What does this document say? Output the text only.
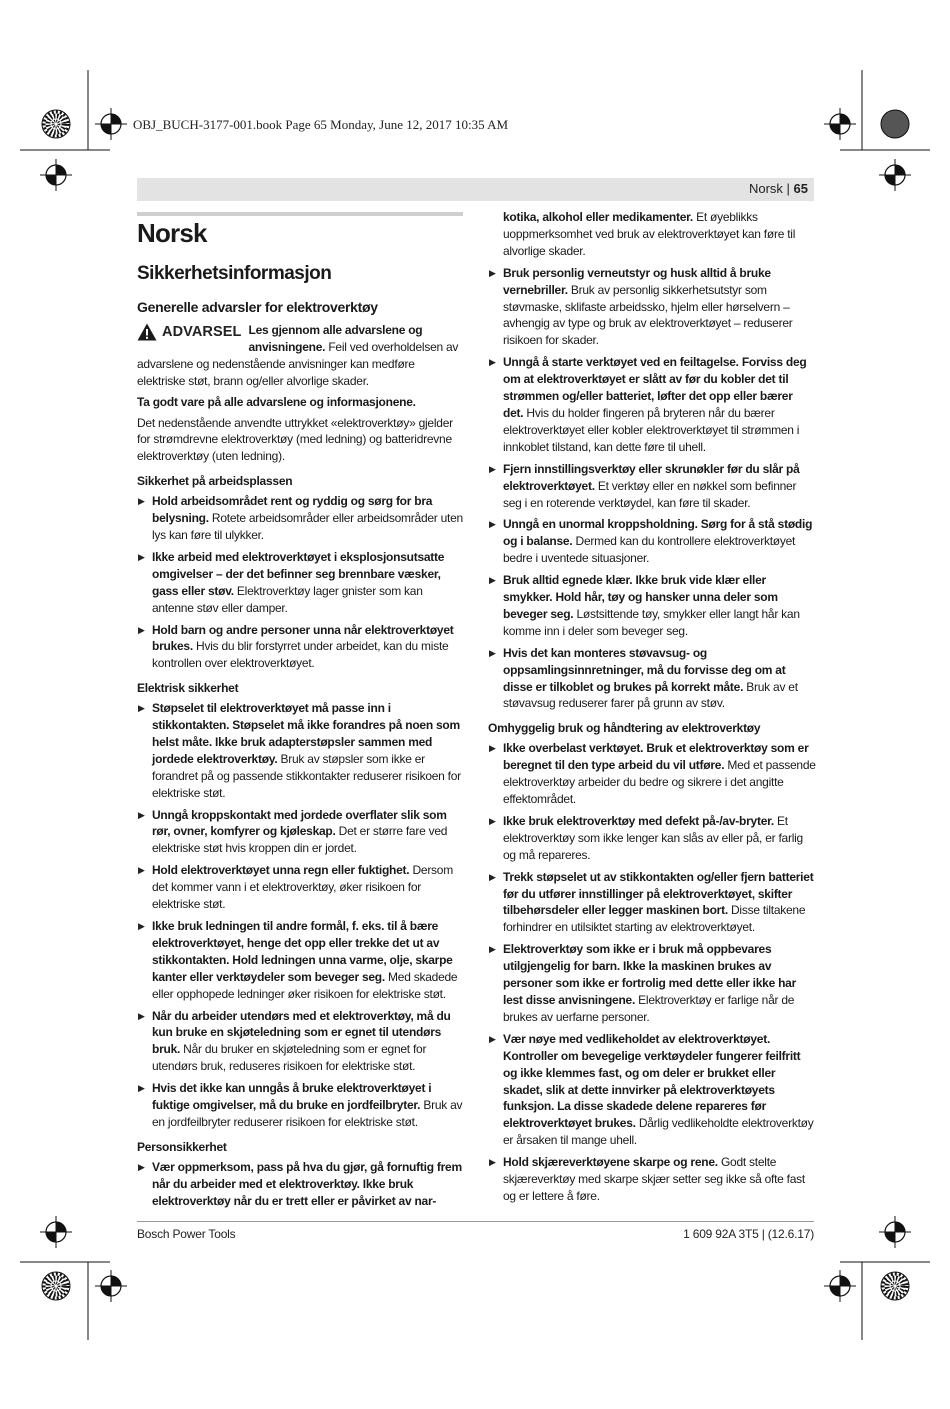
OBJ_BUCH-3177-001.book Page 65 Monday, June 12, 2017 10:35 AM
Norsk | 65
Norsk
Sikkerhetsinformasjon
Generelle advarsler for elektroverktøy
ADVARSEL Les gjennom alle advarslene og anvisningene. Feil ved overholdelsen av advarslene og nedenstående anvisninger kan medføre elektriske støt, brann og/eller alvorlige skader.

Ta godt vare på alle advarslene og informasjonene.

Det nedenstående anvendte uttrykket «elektroverktøy» gjelder for strømdrevne elektroverktøy (med ledning) og batteridrevne elektroverktøy (uten ledning).

Sikkerhet på arbeidsplassen
▶ Hold arbeidsområdet rent og ryddig og sørg for bra belysning. Rotete arbeidsområder eller arbeidsområder uten lys kan føre til ulykker.
▶ Ikke arbeid med elektroverktøyet i eksplosjonsutsatte omgivelser – der det befinner seg brennbare væsker, gass eller støv. Elektroverktøy lager gnister som kan antenne støv eller damper.
▶ Hold barn og andre personer unna når elektroverktøyet brukes. Hvis du blir forstyrret under arbeidet, kan du miste kontrollen over elektroverktøyet.
Elektrisk sikkerhet
▶ Støpselet til elektroverktøyet må passe inn i stikkontakten. Støpselet må ikke forandres på noen som helst måte. Ikke bruk adapterstøpsler sammen med jordede elektroverktøy. Bruk av støpsler som ikke er forandret på og passende stikkontakter reduserer risikoen for elektriske støt.
▶ Unngå kroppskontakt med jordede overflater slik som rør, ovner, komfyrer og kjøleskap. Det er større fare ved elektriske støt hvis kroppen din er jordet.
▶ Hold elektroverktøyet unna regn eller fuktighet. Dersom det kommer vann i et elektroverktøy, øker risikoen for elektriske støt.
▶ Ikke bruk ledningen til andre formål, f. eks. til å bære elektroverktøyet, henge det opp eller trekke det ut av stikkontakten. Hold ledningen unna varme, olje, skarpe kanter eller verktøydeler som beveger seg. Med skadede eller opphopede ledninger øker risikoen for elektriske støt.
▶ Når du arbeider utendørs med et elektroverktøy, må du kun bruke en skjøteledning som er egnet til utendørs bruk. Når du bruker en skjøteledning som er egnet for utendørs bruk, reduseres risikoen for elektriske støt.
▶ Hvis det ikke kan unngås å bruke elektroverktøyet i fuktige omgivelser, må du bruke en jordfeilbryter. Bruk av en jordfeilbryter reduserer risikoen for elektriske støt.
Personsikkerhet
▶ Vær oppmerksom, pass på hva du gjør, gå fornuftig frem når du arbeider med et elektroverktøy. Ikke bruk elektroverktøy når du er trett eller er påvirket av nar-
kotika, alkohol eller medikamenter. Et øyeblikks uoppmerksomhet ved bruk av elektroverktøyet kan føre til alvorlige skader.
▶ Bruk personlig verneutstyr og husk alltid å bruke vernebriller. Bruk av personlig sikkerhetsutstyr som støvmaske, sklifaste arbeidssko, hjelm eller hørselvern – avhengig av type og bruk av elektroverktøyet – reduserer risikoen for skader.
▶ Unngå å starte verktøyet ved en feiltagelse. Forviss deg om at elektroverktøyet er slått av før du kobler det til strømmen og/eller batteriet, løfter det opp eller bærer det. Hvis du holder fingeren på bryteren når du bærer elektroverktøyet eller kobler elektroverktøyet til strømmen i innkoblet tilstand, kan dette føre til uhell.
▶ Fjern innstillingsverktøy eller skrunøkler før du slår på elektroverktøyet. Et verktøy eller en nøkkel som befinner seg i en roterende verktøydel, kan føre til skader.
▶ Unngå en unormal kroppsholdning. Sørg for å stå stødig og i balanse. Dermed kan du kontrollere elektroverktøyet bedre i uventede situasjoner.
▶ Bruk alltid egnede klær. Ikke bruk vide klær eller smykker. Hold hår, tøy og hansker unna deler som beveger seg. Løstsittende tøy, smykker eller langt hår kan komme inn i deler som beveger seg.
▶ Hvis det kan monteres støvavsug- og oppsamlingsinnretninger, må du forvisse deg om at disse er tilkoblet og brukes på korrekt måte. Bruk av et støvavsug reduserer farer på grunn av støv.
Omhyggelig bruk og håndtering av elektroverktøy
▶ Ikke overbelast verktøyet. Bruk et elektroverktøy som er beregnet til den type arbeid du vil utføre. Med et passende elektroverktøy arbeider du bedre og sikrere i det angitte effektområdet.
▶ Ikke bruk elektroverktøy med defekt på-/av-bryter. Et elektroverktøy som ikke lenger kan slås av eller på, er farlig og må repareres.
▶ Trekk støpselet ut av stikkontakten og/eller fjern batteriet før du utfører innstillinger på elektroverktøyet, skifter tilbehørsdeler eller legger maskinen bort. Disse tiltakene forhindrer en utilsiktet starting av elektroverktøyet.
▶ Elektroverktøy som ikke er i bruk må oppbevares utilgjengelig for barn. Ikke la maskinen brukes av personer som ikke er fortrolig med dette eller ikke har lest disse anvisningene. Elektroverktøy er farlige når de brukes av uerfarne personer.
▶ Vær nøye med vedlikeholdet av elektroverktøyet. Kontroller om bevegelige verktøydeler fungerer feilfritt og ikke klemmes fast, og om deler er brukket eller skadet, slik at dette innvirker på elektroverktøyets funksjon. La disse skadede delene repareres før elektroverktøyet brukes. Dårlig vedlikeholdte elektroverktøy er årsaken til mange uhell.
▶ Hold skjæreverktøyene skarpe og rene. Godt stelte skjæreverktøy med skarpe skjær setter seg ikke så ofte fast og er lettere å føre.
Bosch Power Tools	1 609 92A 3T5 | (12.6.17)
